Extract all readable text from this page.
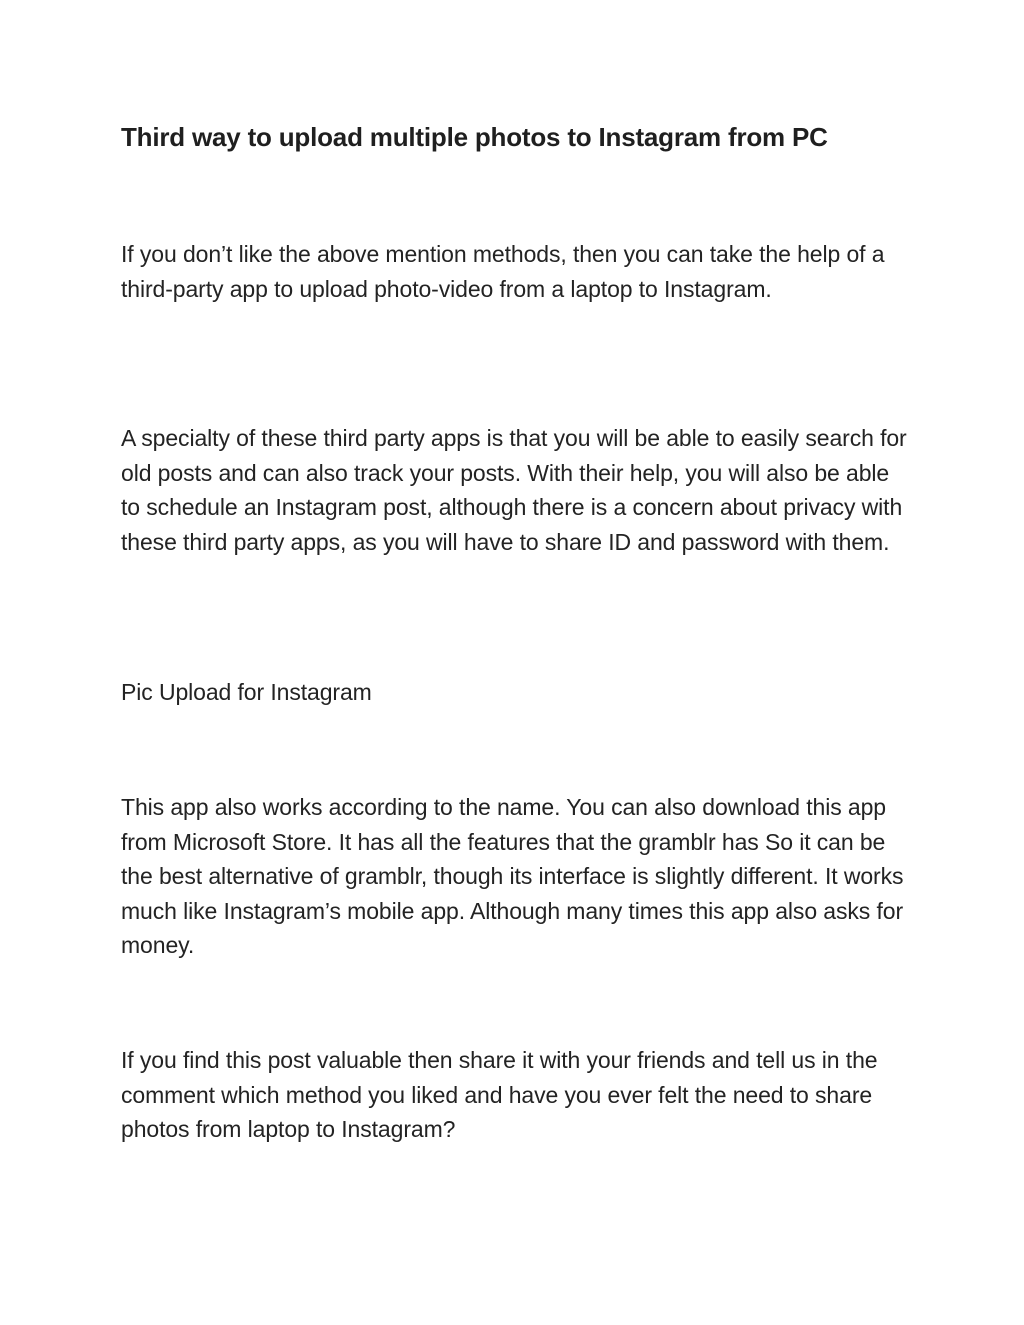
Third way to upload multiple photos to Instagram from PC

If you don’t like the above mention methods, then you can take the help of a third-party app to upload photo-video from a laptop to Instagram.

A specialty of these third party apps is that you will be able to easily search for old posts and can also track your posts. With their help, you will also be able to schedule an Instagram post, although there is a concern about privacy with these third party apps, as you will have to share ID and password with them.

Pic Upload for Instagram

This app also works according to the name. You can also download this app from Microsoft Store. It has all the features that the gramblr has So it can be the best alternative of gramblr, though its interface is slightly different. It works much like Instagram’s mobile app. Although many times this app also asks for money.

If you find this post valuable then share it with your friends and tell us in the comment which method you liked and have you ever felt the need to share photos from laptop to Instagram?
